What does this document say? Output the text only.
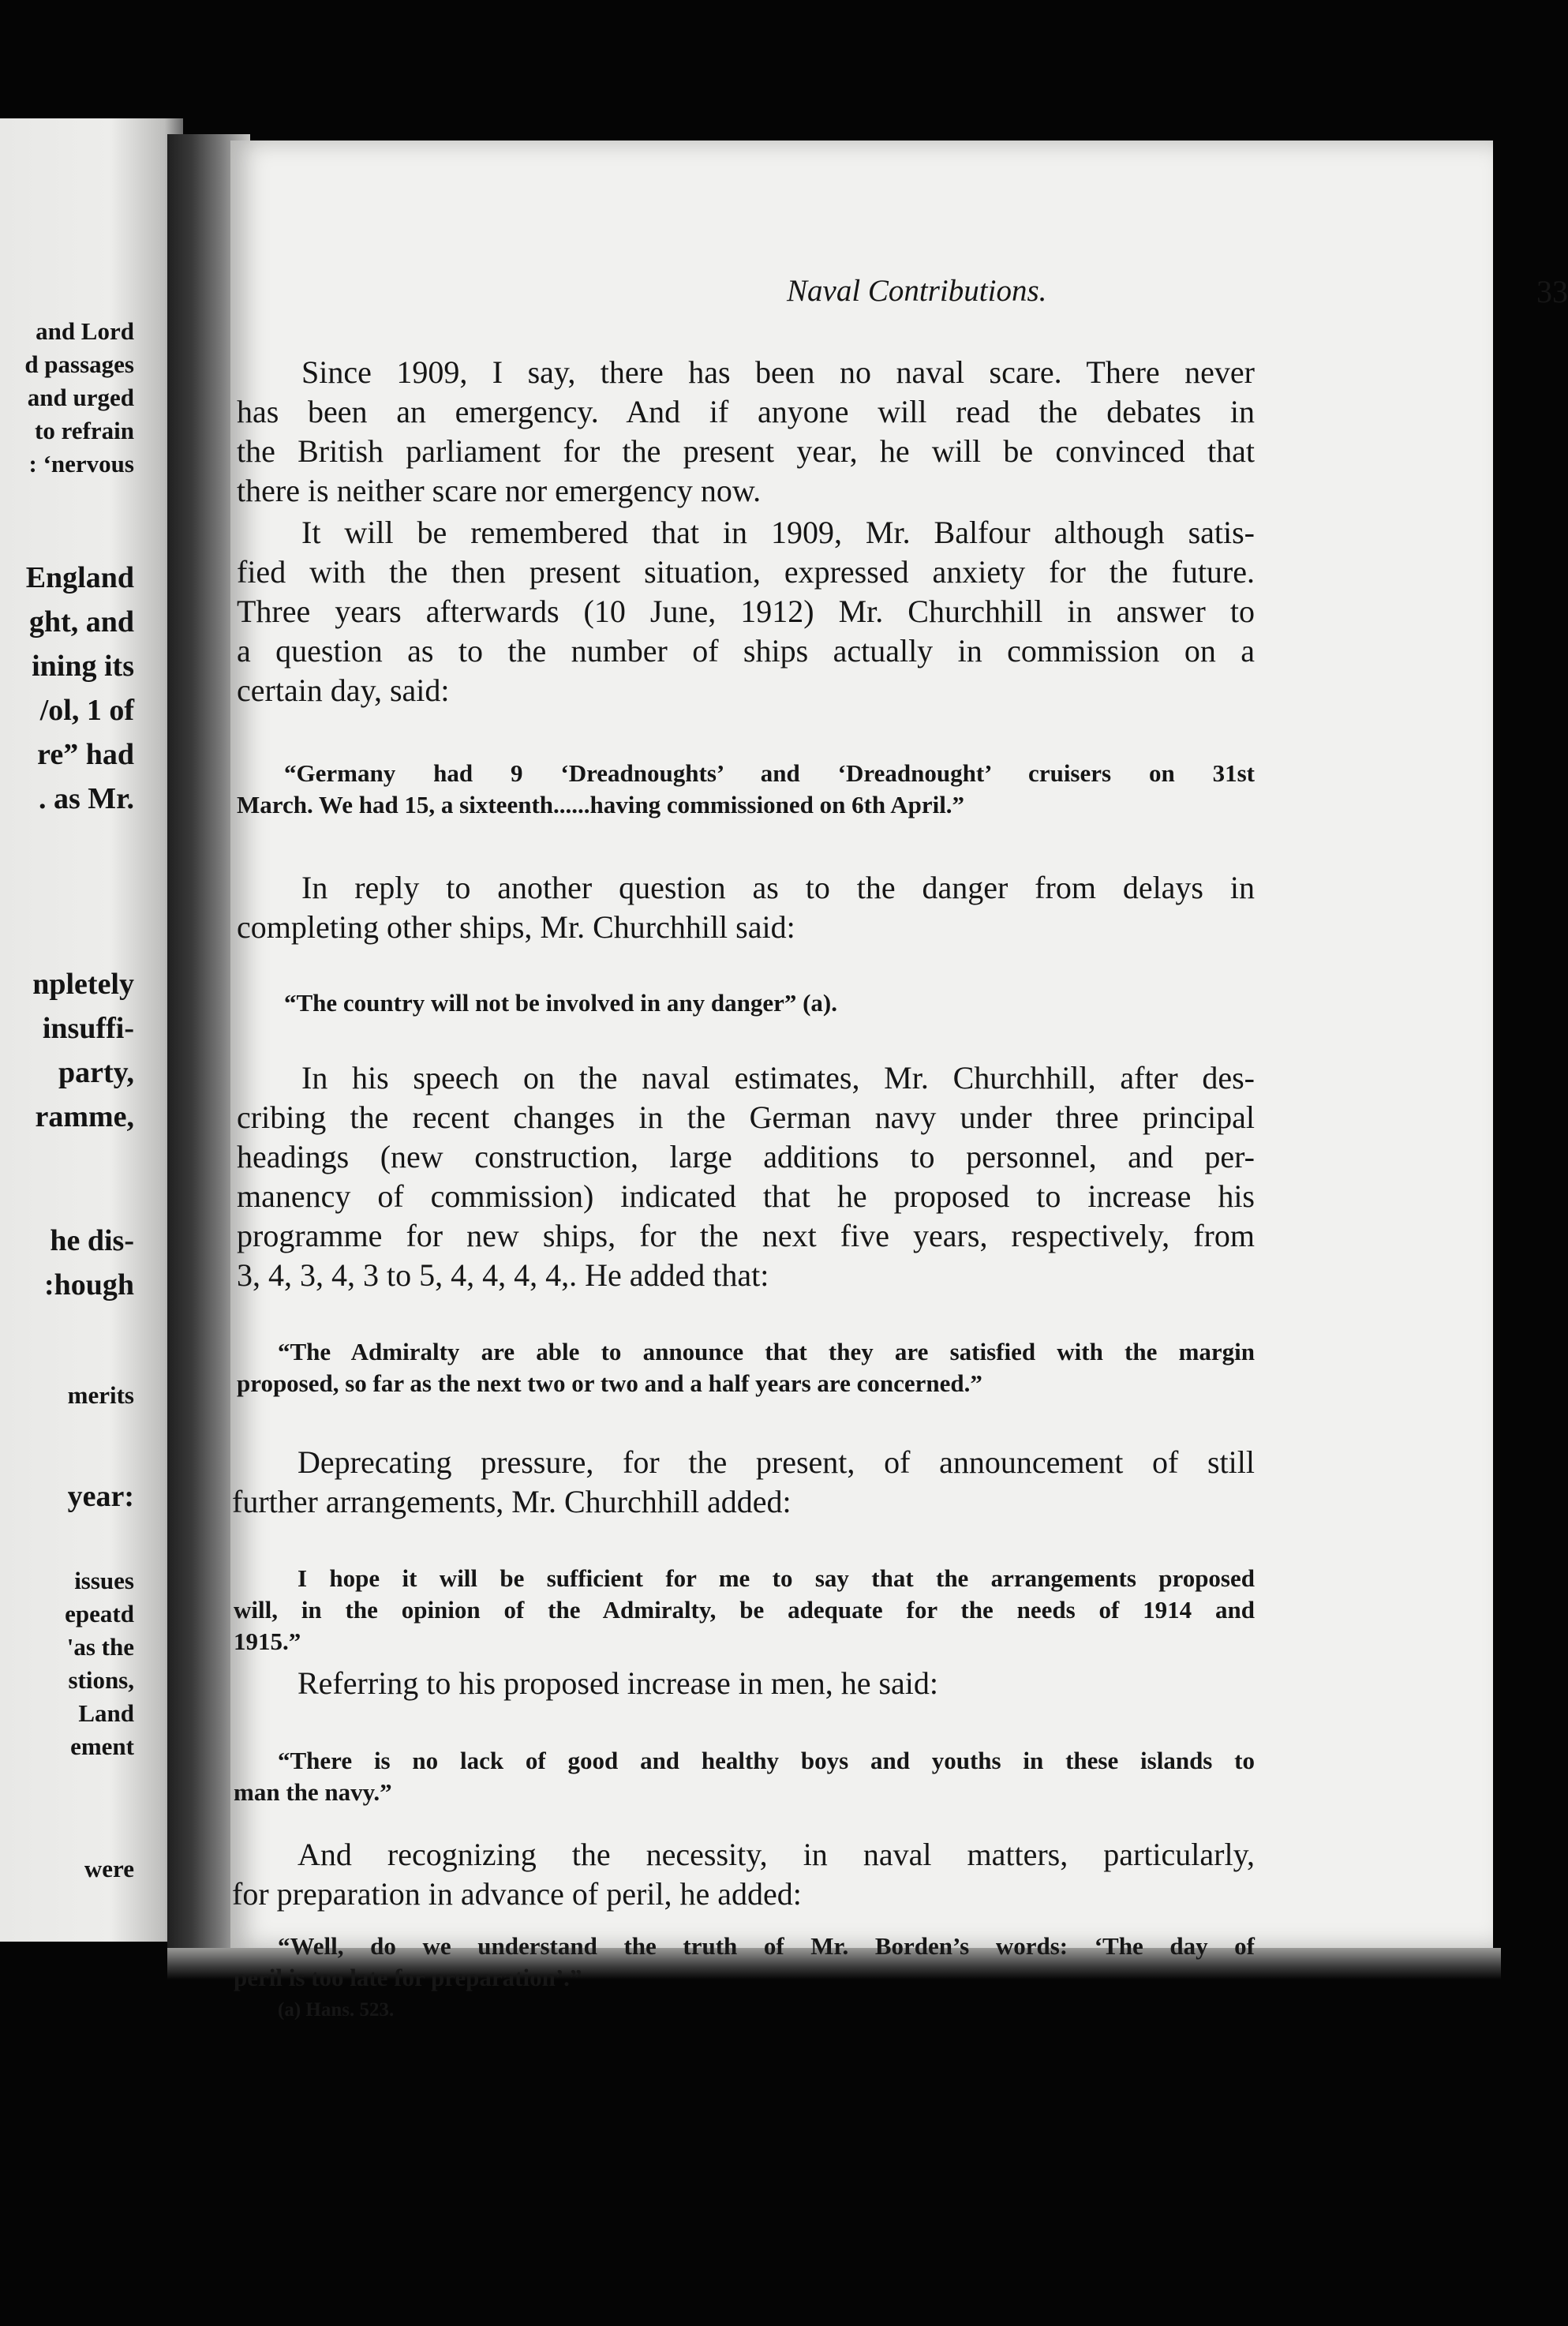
and Lord
d passages
and urged
to refrain
: ‘nervous
England
ght, and
ining its
/ol, 1 of
re” had
. as Mr.
npletely
insuffi-
party,
ramme,
he dis-
:hough
merits
year:
issues
epeatd
'as the
stions,
Land
ement
were
Naval Contributions.	33
Since 1909, I say, there has been no naval scare. There never
has been an emergency. And if anyone will read the debates in
the British parliament for the present year, he will be convinced that
there is neither scare nor emergency now.
It will be remembered that in 1909, Mr. Balfour although satis-
fied with the then present situation, expressed anxiety for the future.
Three years afterwards (10 June, 1912) Mr. Churchhill in answer to
a question as to the number of ships actually in commission on a
certain day, said:
“Germany had 9 ‘Dreadnoughts’ and ‘Dreadnought’ cruisers on 31st
March. We had 15, a sixteenth......having commissioned on 6th April.”
In reply to another question as to the danger from delays in
completing other ships, Mr. Churchhill said:
“The country will not be involved in any danger” (a).
In his speech on the naval estimates, Mr. Churchhill, after des-
cribing the recent changes in the German navy under three principal
headings (new construction, large additions to personnel, and per-
manency of commission) indicated that he proposed to increase his
programme for new ships, for the next five years, respectively, from
3, 4, 3, 4, 3 to 5, 4, 4, 4, 4,. He added that:
“The Admiralty are able to announce that they are satisfied with the margin
proposed, so far as the next two or two and a half years are concerned.”
Deprecating pressure, for the present, of announcement of still
further arrangements, Mr. Churchhill added:
I hope it will be sufficient for me to say that the arrangements proposed
will, in the opinion of the Admiralty, be adequate for the needs of 1914 and
1915.”
Referring to his proposed increase in men, he said:
“There is no lack of good and healthy boys and youths in these islands to
man the navy.”
And recognizing the necessity, in naval matters, particularly,
for preparation in advance of peril, he added:
“Well, do we understand the truth of Mr. Borden’s words: ‘The day of
peril is too late for preparation’.”
(a) Hans. 523.
